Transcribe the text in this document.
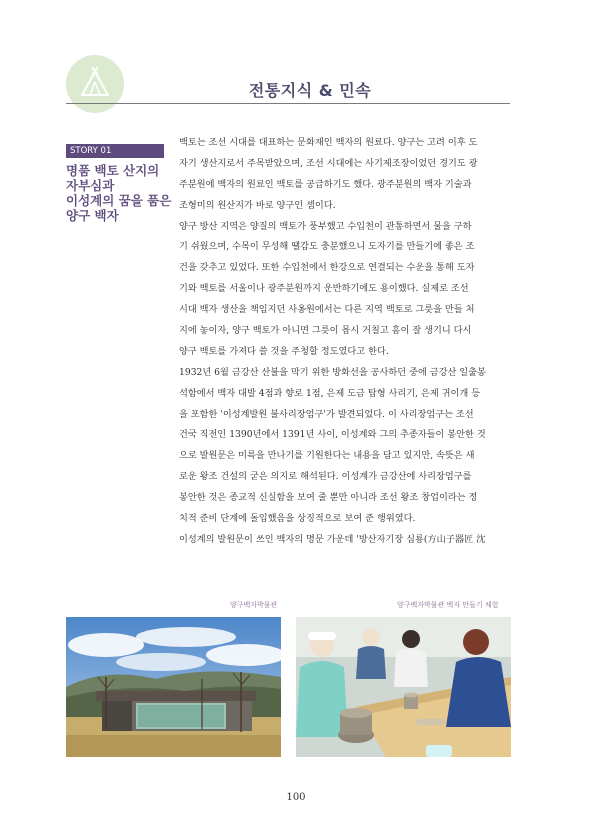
전통지식 & 민속
STORY 01
명품 백토 산지의
자부심과
이성계의 꿈을 품은
양구 백자
백토는 조선 시대를 대표하는 문화재인 백자의 원료다. 양구는 고려 이후 도
자기 생산지로서 주목받았으며, 조선 시대에는 사기제조장이었던 경기도 광
주분원에 백자의 원료인 백토를 공급하기도 했다. 광주분원의 백자 기술과
조형미의 원산지가 바로 양구인 셈이다.
양구 방산 지역은 양질의 백토가 풍부했고 수입천이 관통하면서 물을 구하
기 쉬웠으며, 수목이 무성해 땔감도 충분했으니 도자기를 만들기에 좋은 조
건을 갖추고 있었다. 또한 수입천에서 한강으로 연결되는 수운을 통해 도자
기와 백토를 서울이나 광주분원까지 운반하기에도 용이했다. 실제로 조선
시대 백자 생산을 책임지던 사옹원에서는 다른 지역 백토로 그릇을 만들 처
지에 놓이자, 양구 백토가 아니면 그릇이 몹시 거칠고 흠이 잘 생기니 다시
양구 백토를 가져다 쓸 것을 주청할 정도였다고 한다.
1932년 6월 금강산 산불을 막기 위한 방화선을 공사하던 중에 금강산 일출봉
석함에서 백자 대발 4점과 향로 1점, 은제 도금 탑형 사리기, 은제 귀이개 등
을 포함한 '이성계발원 불사리장엄구'가 발견되었다. 이 사리장엄구는 조선
건국 직전인 1390년에서 1391년 사이, 이성계와 그의 추종자들이 봉안한 것
으로 발원문은 미륵을 만나기를 기원한다는 내용을 담고 있지만, 속뜻은 새
로운 왕조 건설의 굳은 의지로 해석된다. 이성계가 금강산에 사리장엄구를
봉안한 것은 종교적 신실함을 보여 줄 뿐만 아니라 조선 왕조 창업이라는 정
치적 준비 단계에 돌입했음을 상징적으로 보여 준 행위였다.
이성계의 발원문이 쓰인 백자의 명문 가운데 '방산자기장 심룡(方山子器匠 沈
양구백자박물관	양구백자박물관 백자 만들기 체험
100
